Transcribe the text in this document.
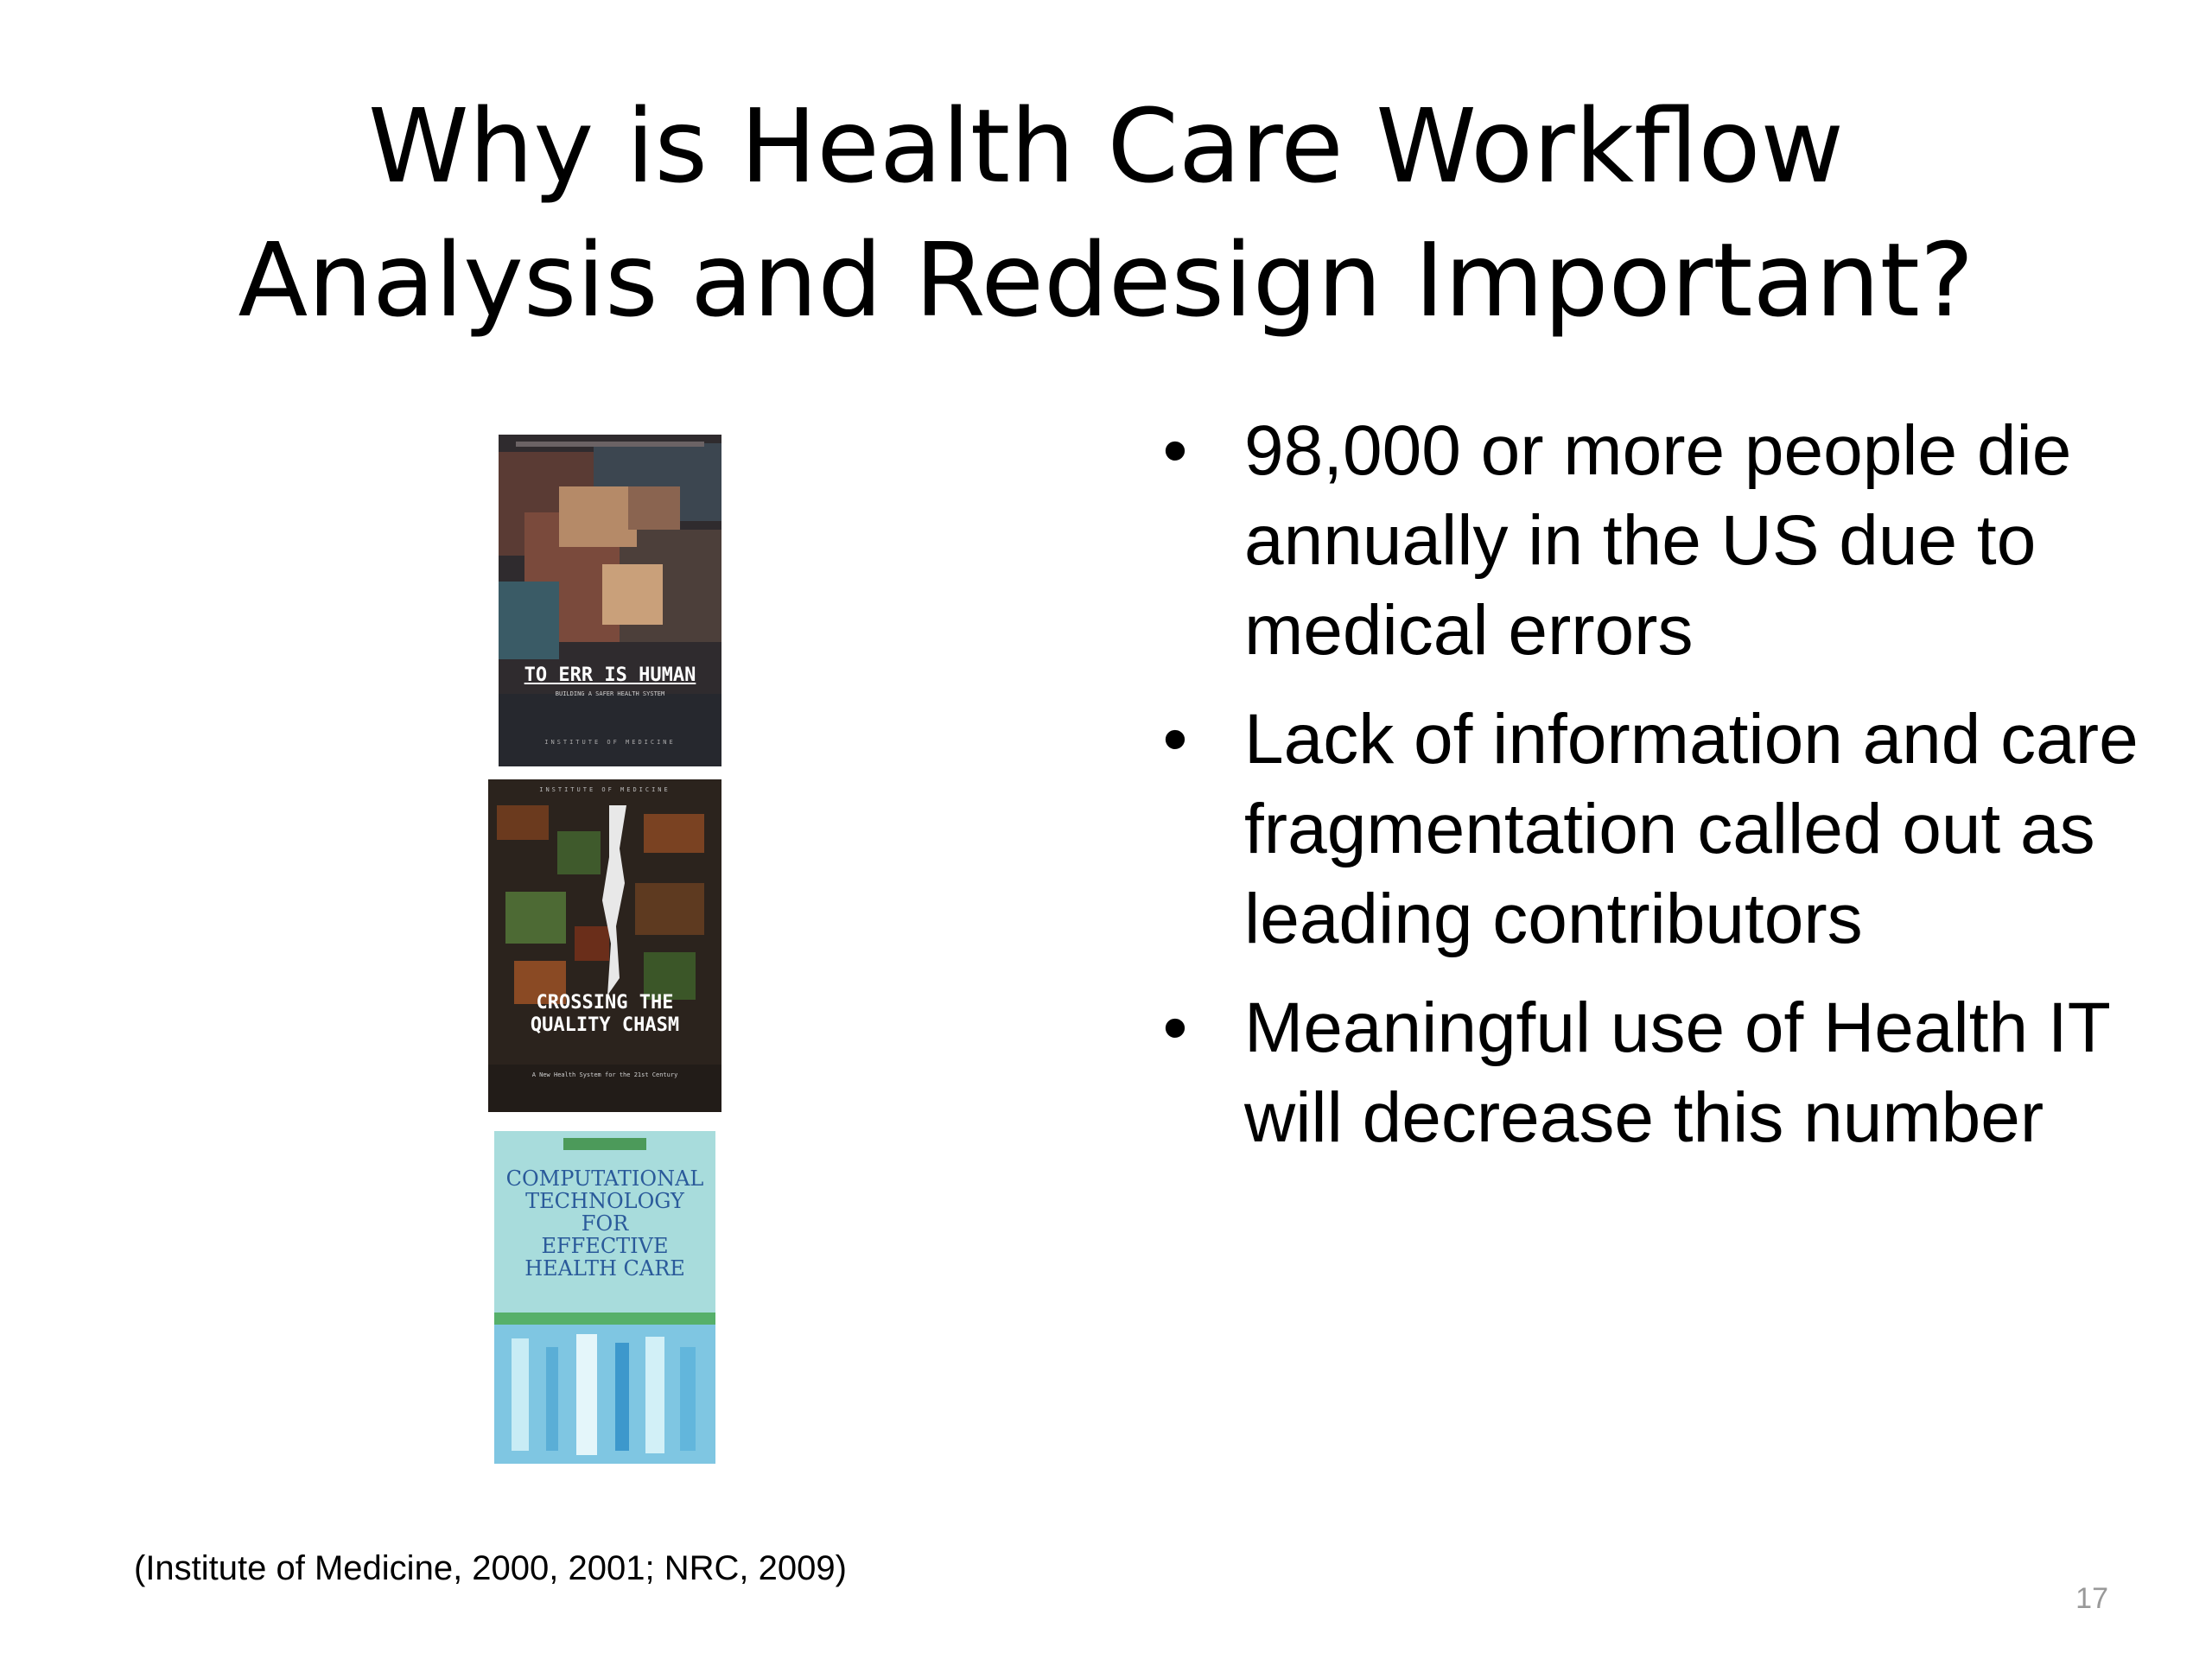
Why is Health Care Workflow
Analysis and Redesign Important?
TO ERR IS HUMAN
BUILDING A SAFER HEALTH SYSTEM
INSTITUTE OF MEDICINE
INSTITUTE OF MEDICINE
CROSSING THE
QUALITY CHASM
A New Health System for the 21st Century
COMPUTATIONAL
TECHNOLOGY
FOR
EFFECTIVE
HEALTH CARE
• 98,000 or more people die annually in the US due to medical errors
• Lack of information and care fragmentation called out as leading contributors
• Meaningful use of Health IT will decrease this number
(Institute of Medicine, 2000, 2001; NRC, 2009)
17
